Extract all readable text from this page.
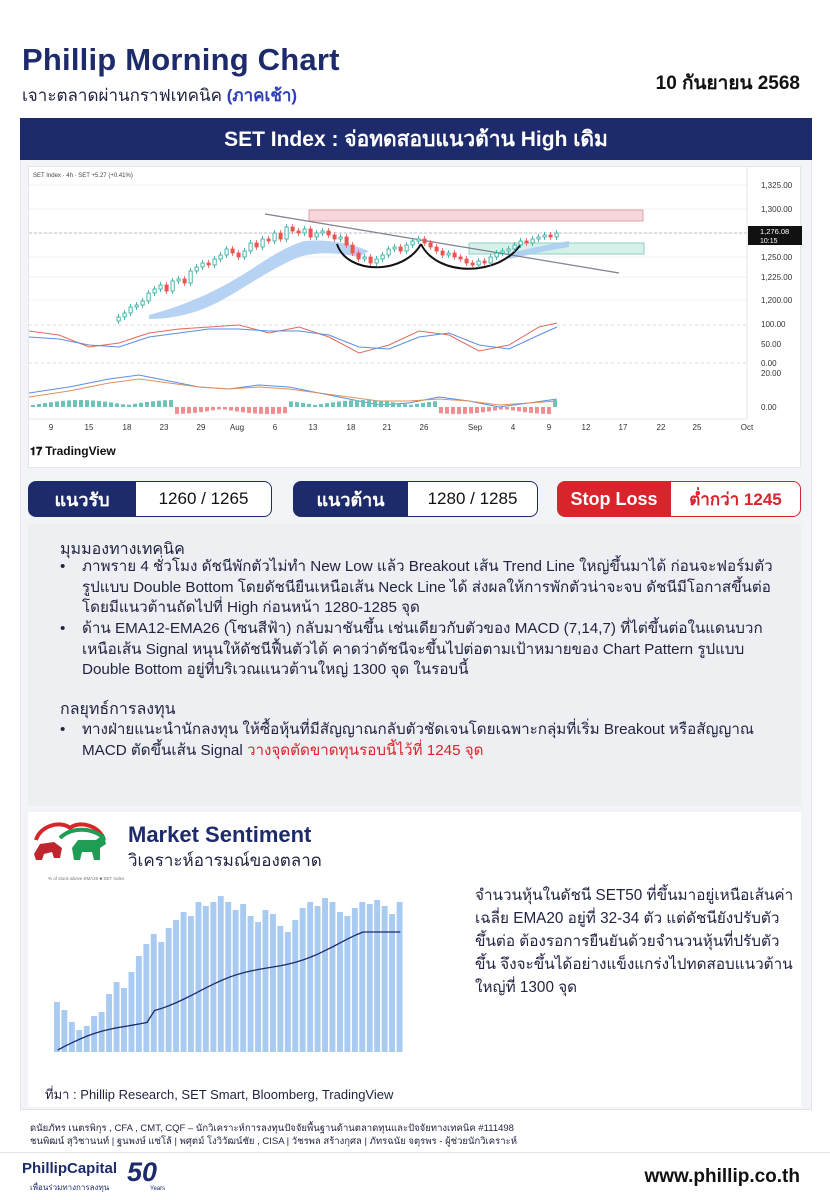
Phillip Morning Chart
เจาะตลาดผ่านกราฟเทคนิค (ภาคเช้า)
10 กันยายน 2568
SET Index : จ่อทดสอบแนวต้าน High เดิม
1,325.00
1,300.00
1,250.00
1,225.00
1,200.00
100.00
50.00
0.00
20.00
0.00
1,276.08
10:15
9	15	18	23	29	Aug	6	13	18	21	26	Sep	4	9	12	17	22	25	Oct
SET Index · 4h · SET +5.27 (+0.41%)
𝟏𝟕 TradingView
แนวรับ	1260 / 1265	แนวต้าน	1280 / 1285	Stop Loss	ต่ำกว่า 1245
มุมมองทางเทคนิค
•	ภาพราย 4 ชั่วโมง ดัชนีพักตัวไม่ทำ New Low แล้ว Breakout เส้น Trend Line ใหญ่ขึ้นมาได้ ก่อนจะฟอร์มตัวรูปแบบ Double Bottom โดยดัชนียืนเหนือเส้น Neck Line ได้ ส่งผลให้การพักตัวน่าจะจบ ดัชนีมีโอกาสขึ้นต่อโดยมีแนวต้านถัดไปที่ High ก่อนหน้า 1280-1285 จุด
•	ด้าน EMA12-EMA26 (โซนสีฟ้า) กลับมาชันขึ้น เช่นเดียวกับตัวของ MACD (7,14,7) ที่ไต่ขึ้นต่อในแดนบวกเหนือเส้น Signal หนุนให้ดัชนีฟื้นตัวได้ คาดว่าดัชนีจะขึ้นไปต่อตามเป้าหมายของ Chart Pattern รูปแบบ Double Bottom อยู่ที่บริเวณแนวต้านใหญ่ 1300 จุด ในรอบนี้
กลยุทธ์การลงทุน
•	ทางฝ่ายแนะนำนักลงทุน ให้ซื้อหุ้นที่มีสัญญาณกลับตัวชัดเจนโดยเฉพาะกลุ่มที่เริ่ม Breakout หรือสัญญาณ MACD ตัดขึ้นเส้น Signal วางจุดตัดขาดทุนรอบนี้ไว้ที่ 1245 จุด
Market Sentiment
วิเคราะห์อารมณ์ของตลาด
% of stock above EMA20 ■ SET Index
จำนวนหุ้นในดัชนี SET50 ที่ขึ้นมาอยู่เหนือเส้นค่าเฉลี่ย EMA20 อยู่ที่ 32-34 ตัว แต่ดัชนียังปรับตัวขึ้นต่อ ต้องรอการยืนยันด้วยจำนวนหุ้นที่ปรับตัวขึ้น จึงจะขึ้นได้อย่างแข็งแกร่งไปทดสอบแนวต้านใหญ่ที่ 1300 จุด
ที่มา : Phillip Research, SET Smart, Bloomberg, TradingView
ดนัยภัทร เนตรพิกุร , CFA , CMT, CQF – นักวิเคราะห์การลงทุนปัจจัยพื้นฐานด้านตลาดทุนและปัจจัยทางเทคนิค #111498
ชนพิฒน์ สุวิชานนท์ | ฐนพงษ์ แซ่โล้ | พศุตม์ โงวิวัฒน์ชัย , CISA | วัชรพล สร้างกุศล | ภัทรฉนัย จตุรพร - ผู้ช่วยนักวิเคราะห์
PhillipCapital
เพื่อนร่วมทางการลงทุน
50
Years
www.phillip.co.th
